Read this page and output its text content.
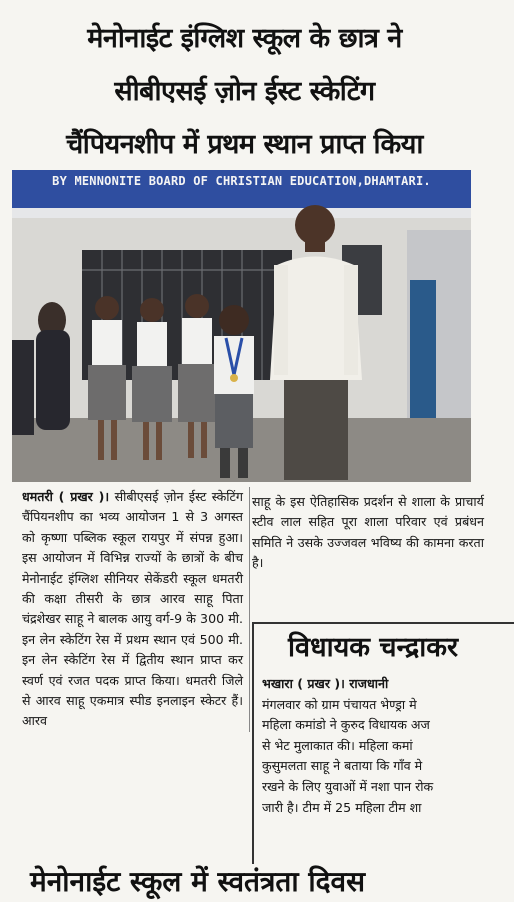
मेनोनाईट इंग्लिश स्कूल के छात्र ने
सीबीएसई ज़ोन ईस्ट स्केटिंग
चैंपियनशीप में प्रथम स्थान प्राप्त किया
BY MENNONITE BOARD OF CHRISTIAN EDUCATION,DHAMTARI.

धमतरी ( प्रखर )। सीबीएसई ज़ोन ईस्ट स्केटिंग चैंपियनशीप का भव्य आयोजन 1 से 3 अगस्त को कृष्णा पब्लिक स्कूल रायपुर में संपन्न हुआ। इस आयोजन में विभिन्न राज्यों के छात्रों के बीच मेनोनाईट इंग्लिश सीनियर सेकेंडरी स्कूल धमतरी की कक्षा तीसरी के छात्र आरव साहू पिता चंद्रशेखर साहू ने बालक आयु वर्ग-9 के 300 मी. इन लेन स्केटिंग रेस में प्रथम स्थान एवं 500 मी. इन लेन स्केटिंग रेस में द्वितीय स्थान प्राप्त कर स्वर्ण एवं रजत पदक प्राप्त किया। धमतरी जिले से आरव साहू एकमात्र स्पीड इनलाइन स्केटर हैं। आरव

साहू के इस ऐतिहासिक प्रदर्शन से शाला के प्राचार्य स्टीव लाल सहित पूरा शाला परिवार एवं प्रबंधन समिति ने उसके उज्जवल भविष्य की कामना करता है।

विधायक चन्द्राकर

भखारा ( प्रखर )। राजधानी

मंगलवार को ग्राम पंचायत भेण्ड्रा मे

महिला कमांडो ने कुरुद विधायक अज

से भेट मुलाकात की। महिला कमां

कुसुमलता साहू ने बताया कि गाँव मे

रखने के लिए युवाओं में नशा पान रोक

जारी है। टीम में 25 महिला टीम शा

मेनोनाईट स्कूल में स्वतंत्रता दिवस
